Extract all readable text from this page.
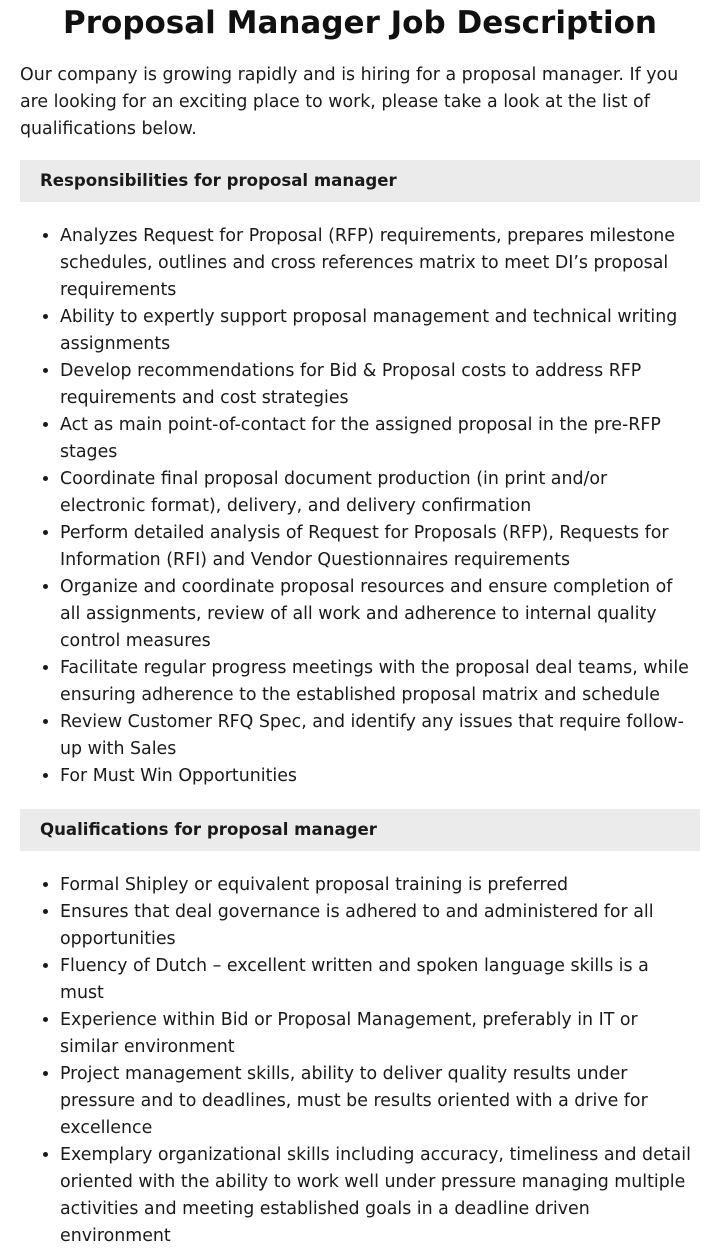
Proposal Manager Job Description

Our company is growing rapidly and is hiring for a proposal manager. If you are looking for an exciting place to work, please take a look at the list of qualifications below.

Responsibilities for proposal manager
• Analyzes Request for Proposal (RFP) requirements, prepares milestone schedules, outlines and cross references matrix to meet DI’s proposal requirements
• Ability to expertly support proposal management and technical writing assignments
• Develop recommendations for Bid & Proposal costs to address RFP requirements and cost strategies
• Act as main point-of-contact for the assigned proposal in the pre-RFP stages
• Coordinate final proposal document production (in print and/or electronic format), delivery, and delivery confirmation
• Perform detailed analysis of Request for Proposals (RFP), Requests for Information (RFI) and Vendor Questionnaires requirements
• Organize and coordinate proposal resources and ensure completion of all assignments, review of all work and adherence to internal quality control measures
• Facilitate regular progress meetings with the proposal deal teams, while ensuring adherence to the established proposal matrix and schedule
• Review Customer RFQ Spec, and identify any issues that require follow-up with Sales
• For Must Win Opportunities
Qualifications for proposal manager
• Formal Shipley or equivalent proposal training is preferred
• Ensures that deal governance is adhered to and administered for all opportunities
• Fluency of Dutch – excellent written and spoken language skills is a must
• Experience within Bid or Proposal Management, preferably in IT or similar environment
• Project management skills, ability to deliver quality results under pressure and to deadlines, must be results oriented with a drive for excellence
• Exemplary organizational skills including accuracy, timeliness and detail oriented with the ability to work well under pressure managing multiple activities and meeting established goals in a deadline driven environment
